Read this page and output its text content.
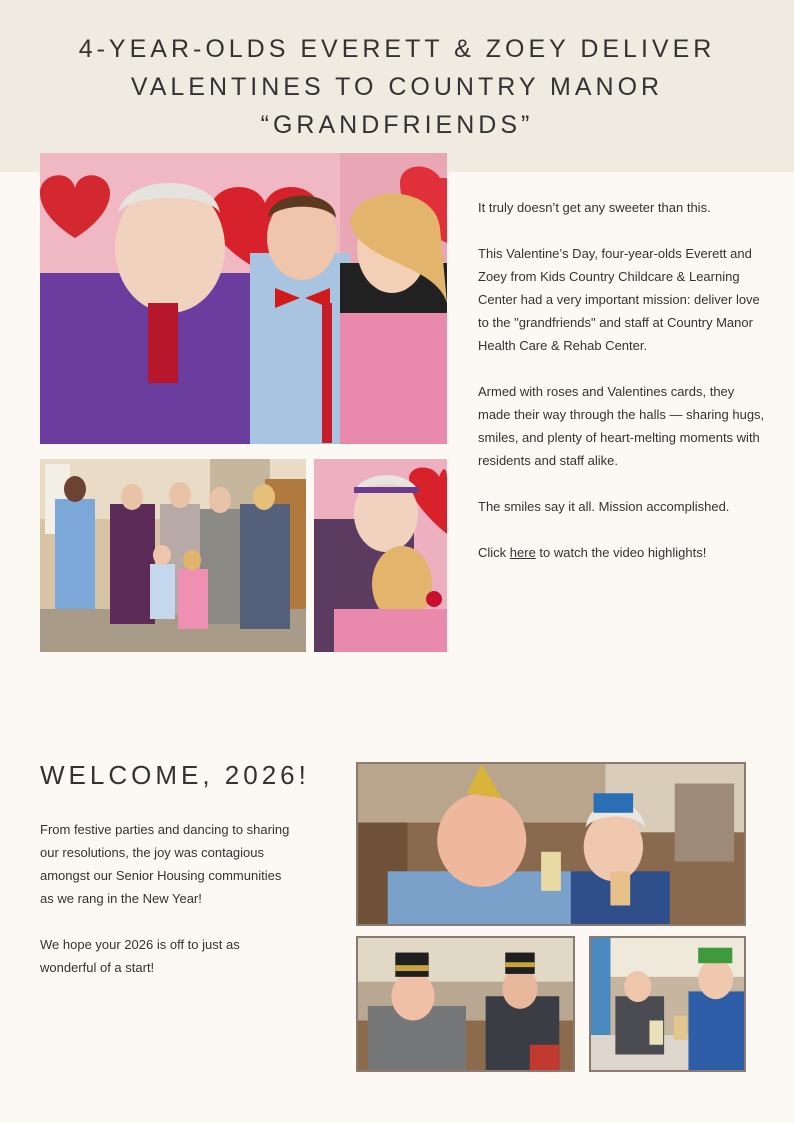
4-YEAR-OLDS EVERETT & ZOEY DELIVER
VALENTINES TO COUNTRY MANOR
“GRANDFRIENDS”

It truly doesn’t get any sweeter than this.

This Valentine’s Day, four-year-olds Everett and Zoey from Kids Country Childcare & Learning Center had a very important mission: deliver love to the "grandfriends" and staff at Country Manor Health Care & Rehab Center.

Armed with roses and Valentines cards, they made their way through the halls — sharing hugs, smiles, and plenty of heart-melting moments with residents and staff alike.

The smiles say it all. Mission accomplished.

Click here to watch the video highlights!

WELCOME, 2026!

From festive parties and dancing to sharing our resolutions, the joy was contagious amongst our Senior Housing communities as we rang in the New Year!

We hope your 2026 is off to just as wonderful of a start!
